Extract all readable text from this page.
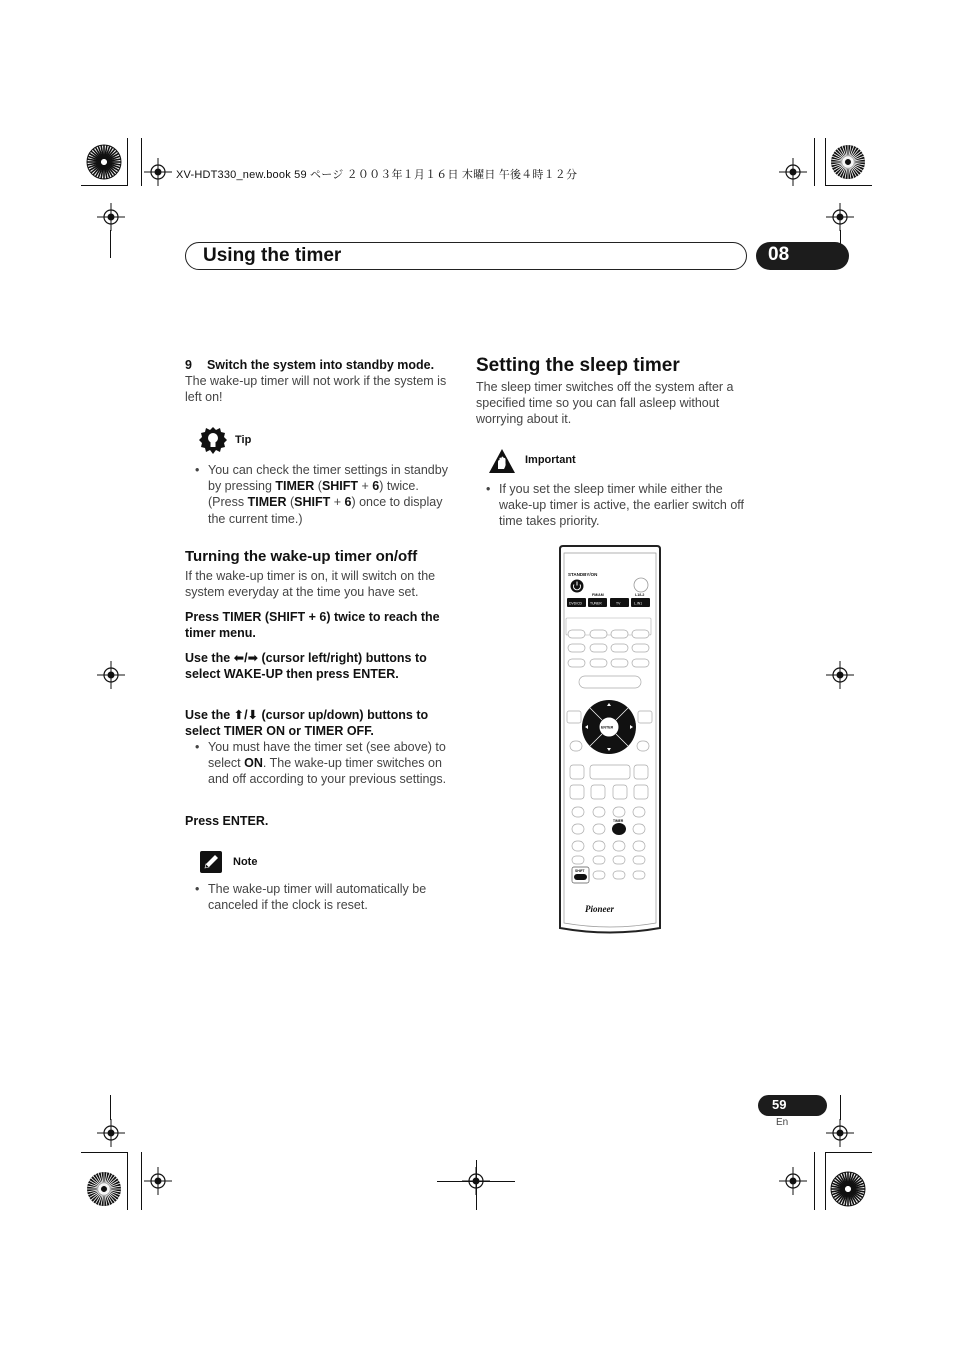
XV-HDT330_new.book 59 ページ ２００３年１月１６日 木曜日 午後４時１２分
Using the timer	08
9 Switch the system into standby mode.
The wake-up timer will not work if the system is left on!
Tip
• You can check the timer settings in standby by pressing TIMER (SHIFT + 6) twice. (Press TIMER (SHIFT + 6) once to display the current time.)
Turning the wake-up timer on/off
If the wake-up timer is on, it will switch on the system everyday at the time you have set.
Press TIMER (SHIFT + 6) twice to reach the timer menu.
Use the ⬅/➡ (cursor left/right) buttons to select WAKE-UP then press ENTER.
Use the ⬆/⬇ (cursor up/down) buttons to select TIMER ON or TIMER OFF.
• You must have the timer set (see above) to select ON. The wake-up timer switches on and off according to your previous settings.
Press ENTER.
Note
• The wake-up timer will automatically be canceled if the clock is reset.
Setting the sleep timer
The sleep timer switches off the system after a specified time so you can fall asleep without worrying about it.
Important
• If you set the sleep timer while either the wake-up timer is active, the earlier switch off time takes priority.
STANDBY/ON
FM/AM	L1/L2
DVD/CD TUNER	TV	L.IN1
ENTER
TIMER
SHIFT
Pioneer
59
En
